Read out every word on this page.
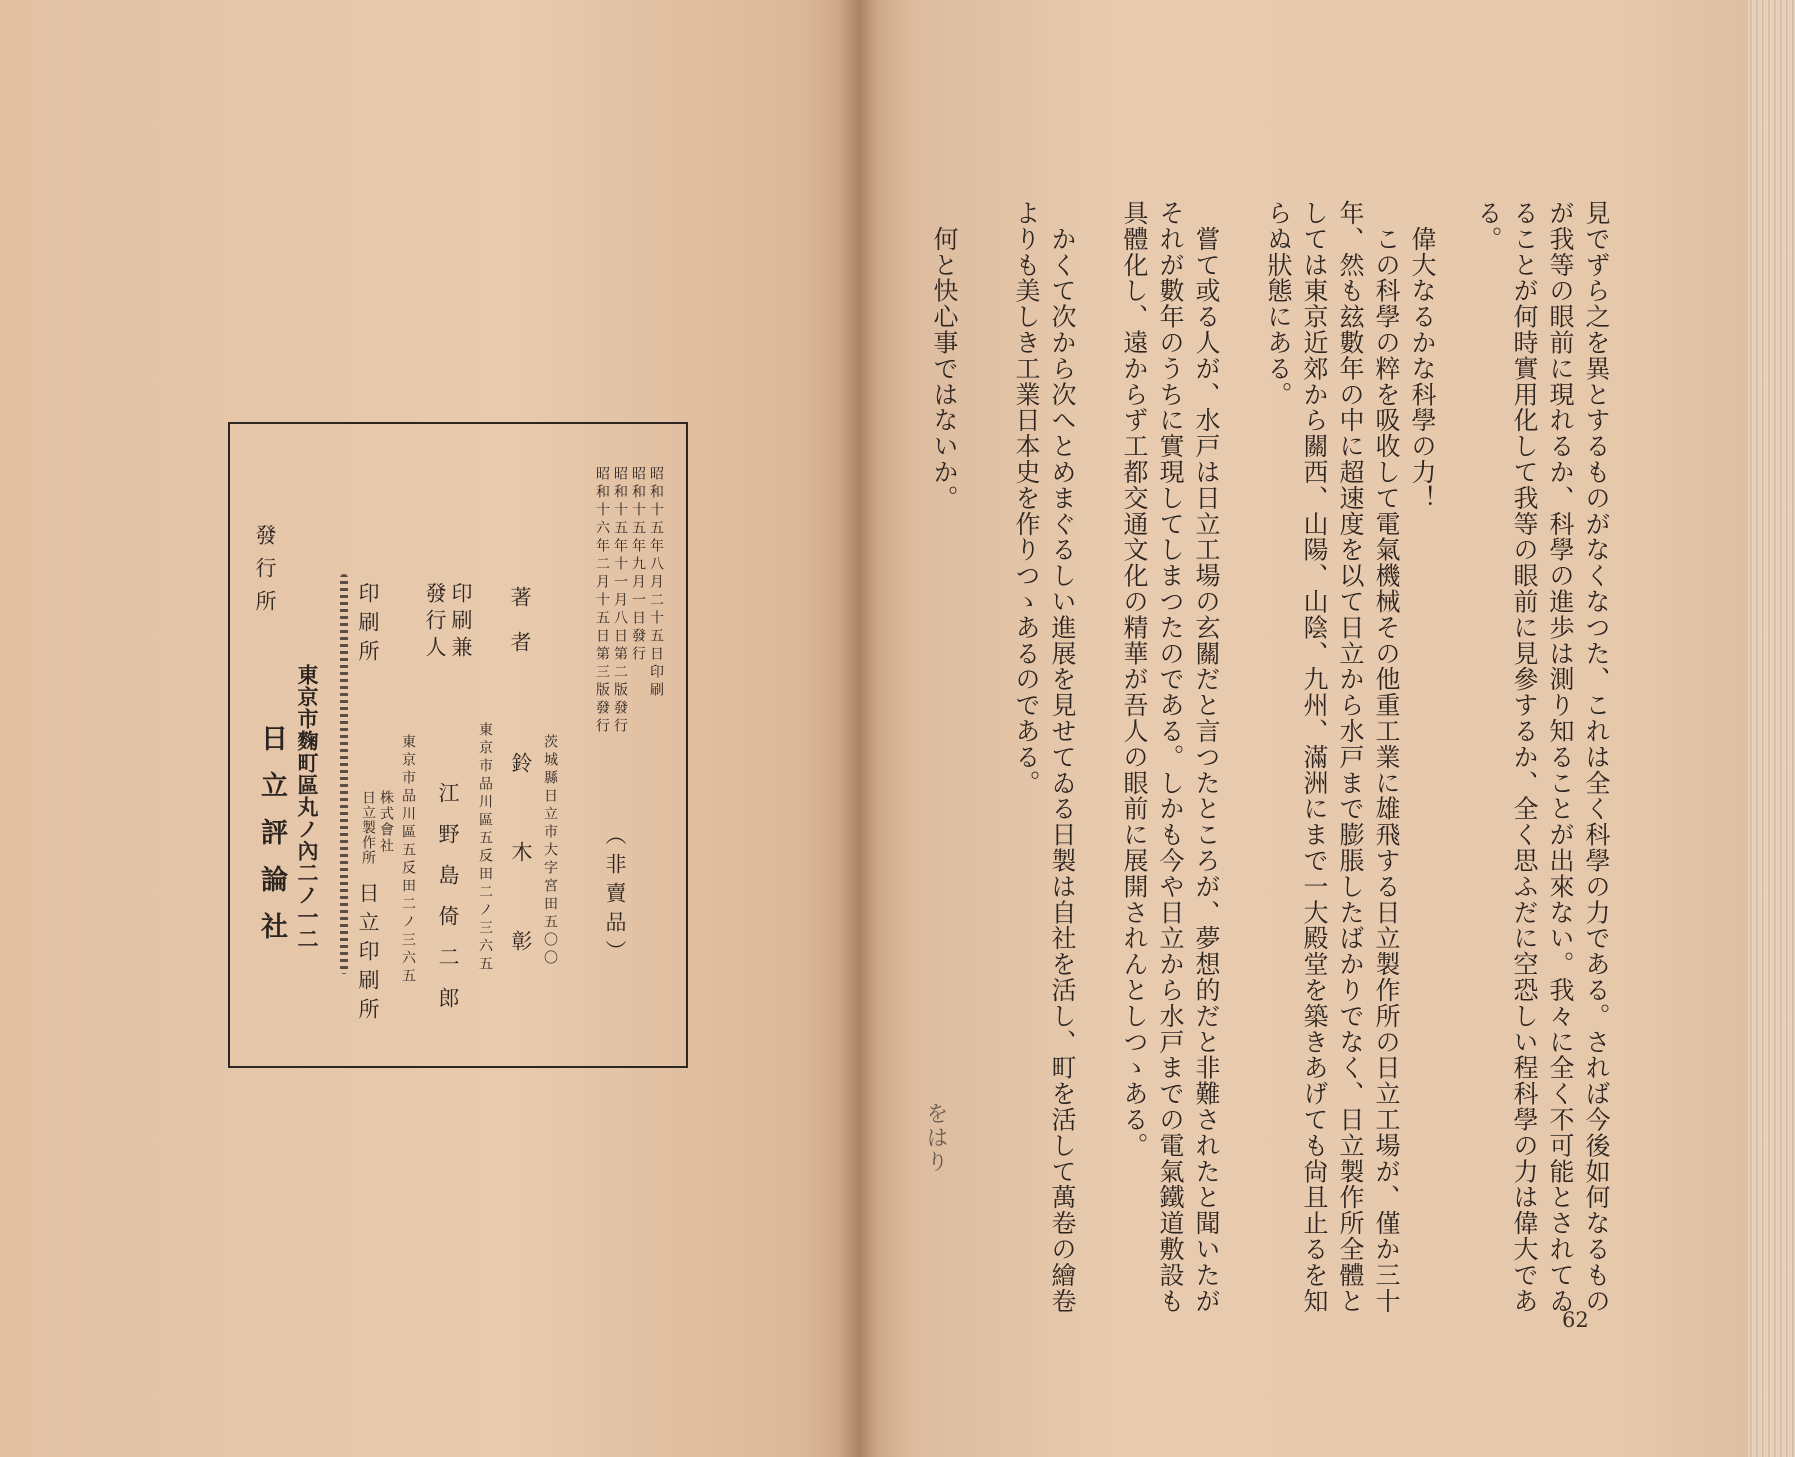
見でずら之を異とするものがなくなつた、これは全く科學の力である。されば今後如何なるもの
が我等の眼前に現れるか、科學の進歩は測り知ることが出來ない。我々に全く不可能とされてゐ
ることが何時實用化して我等の眼前に見參するか、全く思ふだに空恐しい程科學の力は偉大であ
る。
　偉大なるかな科學の力！
　この科學の粹を吸收して電氣機械その他重工業に雄飛する日立製作所の日立工場が、僅か三十
年、然も玆數年の中に超速度を以て日立から水戸まで膨脹したばかりでなく、日立製作所全體と
しては東京近郊から關西、山陽、山陰、九州、滿洲にまで一大殿堂を築きあげても尙且止るを知
らぬ狀態にある。
　嘗て或る人が、水戸は日立工場の玄關だと言つたところが、夢想的だと非難されたと聞いたが
それが數年のうちに實現してしまつたのである。しかも今や日立から水戸までの電氣鐵道敷設も
具體化し、遠からず工都交通文化の精華が吾人の眼前に展開されんとしつゝある。
　かくて次から次へとめまぐるしい進展を見せてゐる日製は自社を活し、町を活して萬卷の繪卷
よりも美しき工業日本史を作りつゝあるのである。
　何と快心事ではないか。
をはり
62
昭和十五年八月二十五日印刷
昭和十五年九月一日發行
昭和十五年十一月八日第二版發行
昭和十六年二月十五日第三版發行
（非賣品）
著者
茨城縣日立市大字宮田五〇〇
鈴木彰
印刷兼
發行人
東京市品川區五反田二ノ三六五
江野島倚二郎
印刷所
東京市品川區五反田二ノ三六五
株式會社
日立製作所
日立印刷所
發行所
東京市麴町區丸ノ內二ノ一二
日立評論社
